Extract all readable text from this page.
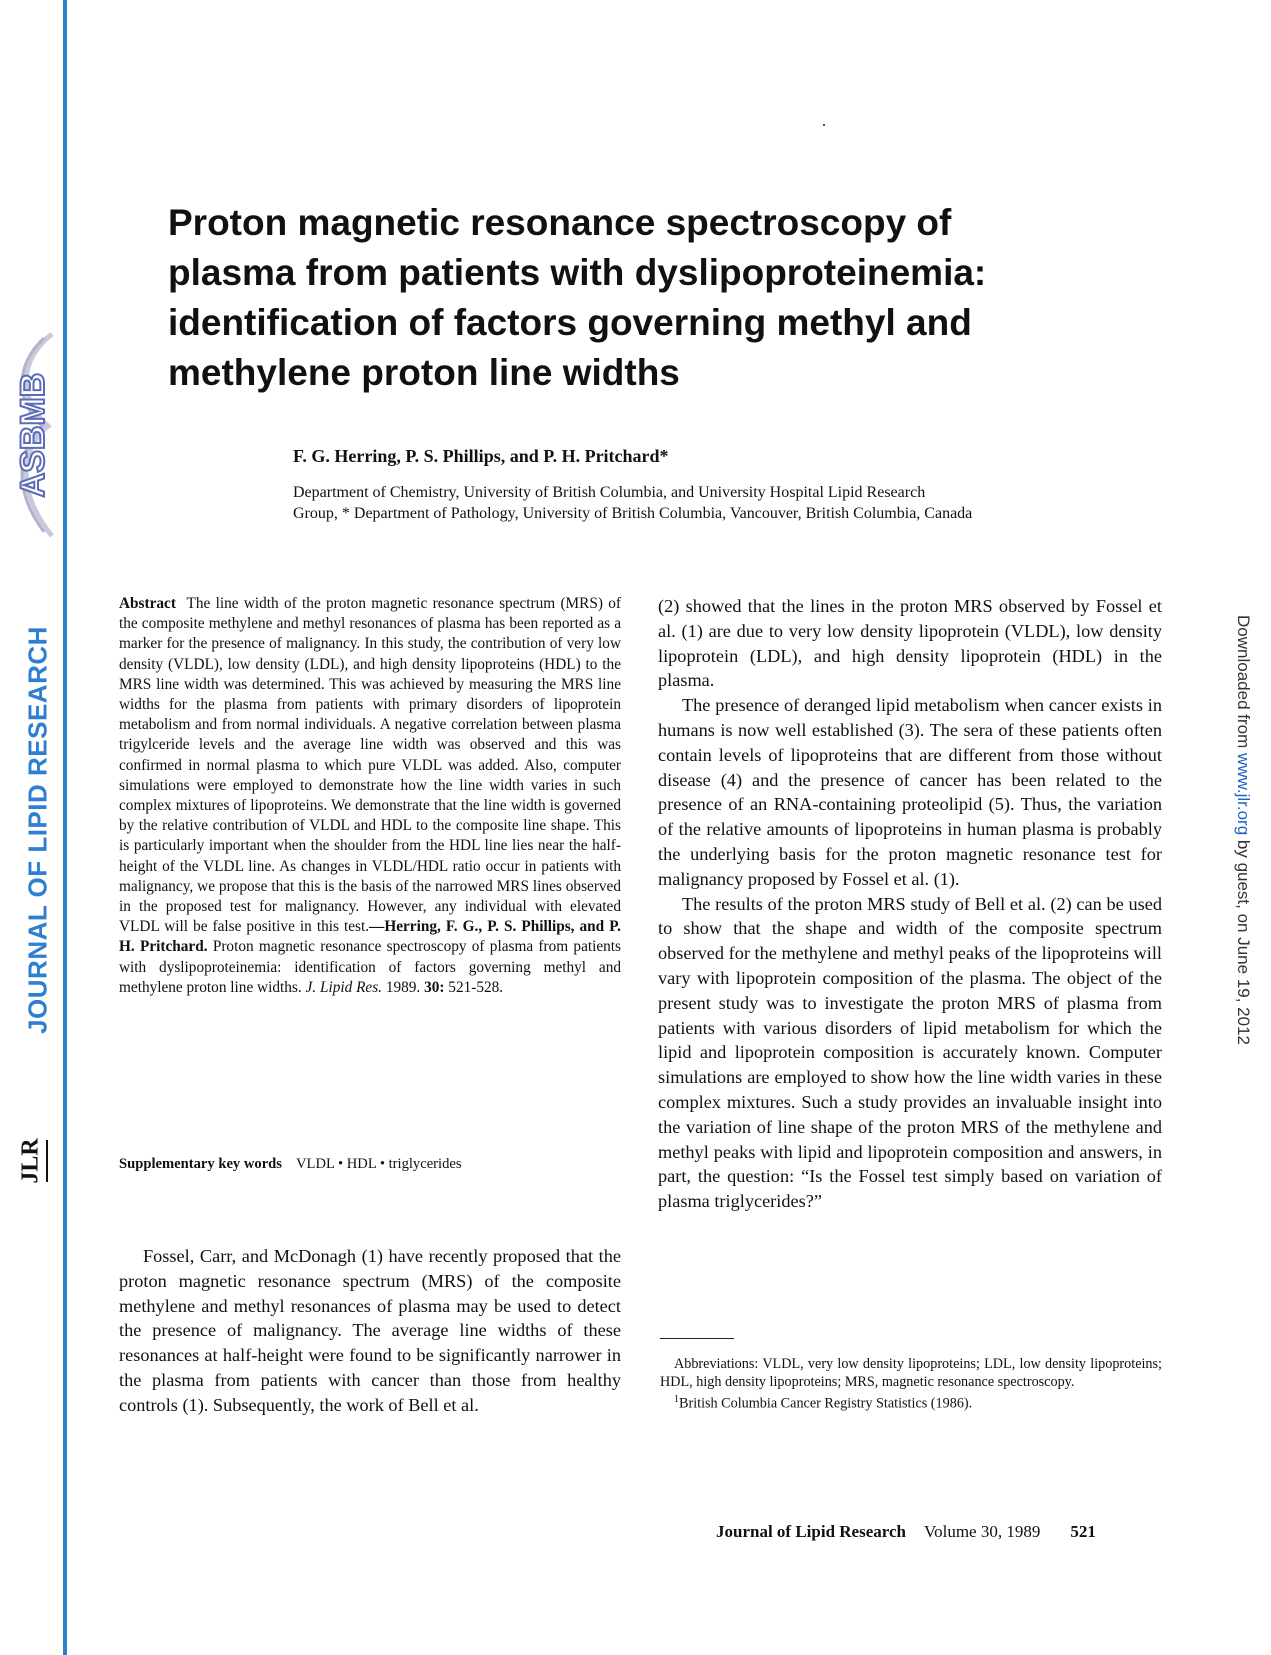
ASBMB
JOURNAL OF LIPID RESEARCH
JLR
Downloaded from www.jlr.org by guest, on June 19, 2012
Proton magnetic resonance spectroscopy of plasma from patients with dyslipoproteinemia: identification of factors governing methyl and methylene proton line widths

F. G. Herring, P. S. Phillips, and P. H. Pritchard*

Department of Chemistry, University of British Columbia, and University Hospital Lipid Research
Group, * Department of Pathology, University of British Columbia, Vancouver, British Columbia, Canada

Abstract The line width of the proton magnetic resonance spectrum (MRS) of the composite methylene and methyl resonances of plasma has been reported as a marker for the presence of malignancy. In this study, the contribution of very low density (VLDL), low density (LDL), and high density lipoproteins (HDL) to the MRS line width was determined. This was achieved by measuring the MRS line widths for the plasma from patients with primary disorders of lipoprotein metabolism and from normal individuals. A negative correlation between plasma trigylceride levels and the average line width was observed and this was confirmed in normal plasma to which pure VLDL was added. Also, computer simulations were employed to demonstrate how the line width varies in such complex mixtures of lipoproteins. We demonstrate that the line width is governed by the relative contribution of VLDL and HDL to the composite line shape. This is particularly important when the shoulder from the HDL line lies near the half-height of the VLDL line. As changes in VLDL/HDL ratio occur in patients with malignancy, we propose that this is the basis of the narrowed MRS lines observed in the proposed test for malignancy. However, any individual with elevated VLDL will be false positive in this test.—Herring, F. G., P. S. Phillips, and P. H. Pritchard. Proton magnetic resonance spectroscopy of plasma from patients with dyslipoproteinemia: identification of factors governing methyl and methylene proton line widths. J. Lipid Res. 1989. 30: 521-528.

Supplementary key words VLDL • HDL • triglycerides

Fossel, Carr, and McDonagh (1) have recently proposed that the proton magnetic resonance spectrum (MRS) of the composite methylene and methyl resonances of plasma may be used to detect the presence of malignancy. The average line widths of these resonances at half-height were found to be significantly narrower in the plasma from patients with cancer than those from healthy controls (1). Subsequently, the work of Bell et al.

(2) showed that the lines in the proton MRS observed by Fossel et al. (1) are due to very low density lipoprotein (VLDL), low density lipoprotein (LDL), and high density lipoprotein (HDL) in the plasma.

The presence of deranged lipid metabolism when cancer exists in humans is now well established (3). The sera of these patients often contain levels of lipoproteins that are different from those without disease (4) and the presence of cancer has been related to the presence of an RNA-containing proteolipid (5). Thus, the variation of the relative amounts of lipoproteins in human plasma is probably the underlying basis for the proton magnetic resonance test for malignancy proposed by Fossel et al. (1).

The results of the proton MRS study of Bell et al. (2) can be used to show that the shape and width of the composite spectrum observed for the methylene and methyl peaks of the lipoproteins will vary with lipoprotein composition of the plasma. The object of the present study was to investigate the proton MRS of plasma from patients with various disorders of lipid metabolism for which the lipid and lipoprotein composition is accurately known. Computer simulations are employed to show how the line width varies in these complex mixtures. Such a study provides an invaluable insight into the variation of line shape of the proton MRS of the methylene and methyl peaks with lipid and lipoprotein composition and answers, in part, the question: “Is the Fossel test simply based on variation of plasma triglycerides?”

Abbreviations: VLDL, very low density lipoproteins; LDL, low density lipoproteins; HDL, high density lipoproteins; MRS, magnetic resonance spectroscopy.

$^1$British Columbia Cancer Registry Statistics (1986).

Journal of Lipid Research Volume 30, 1989 521
